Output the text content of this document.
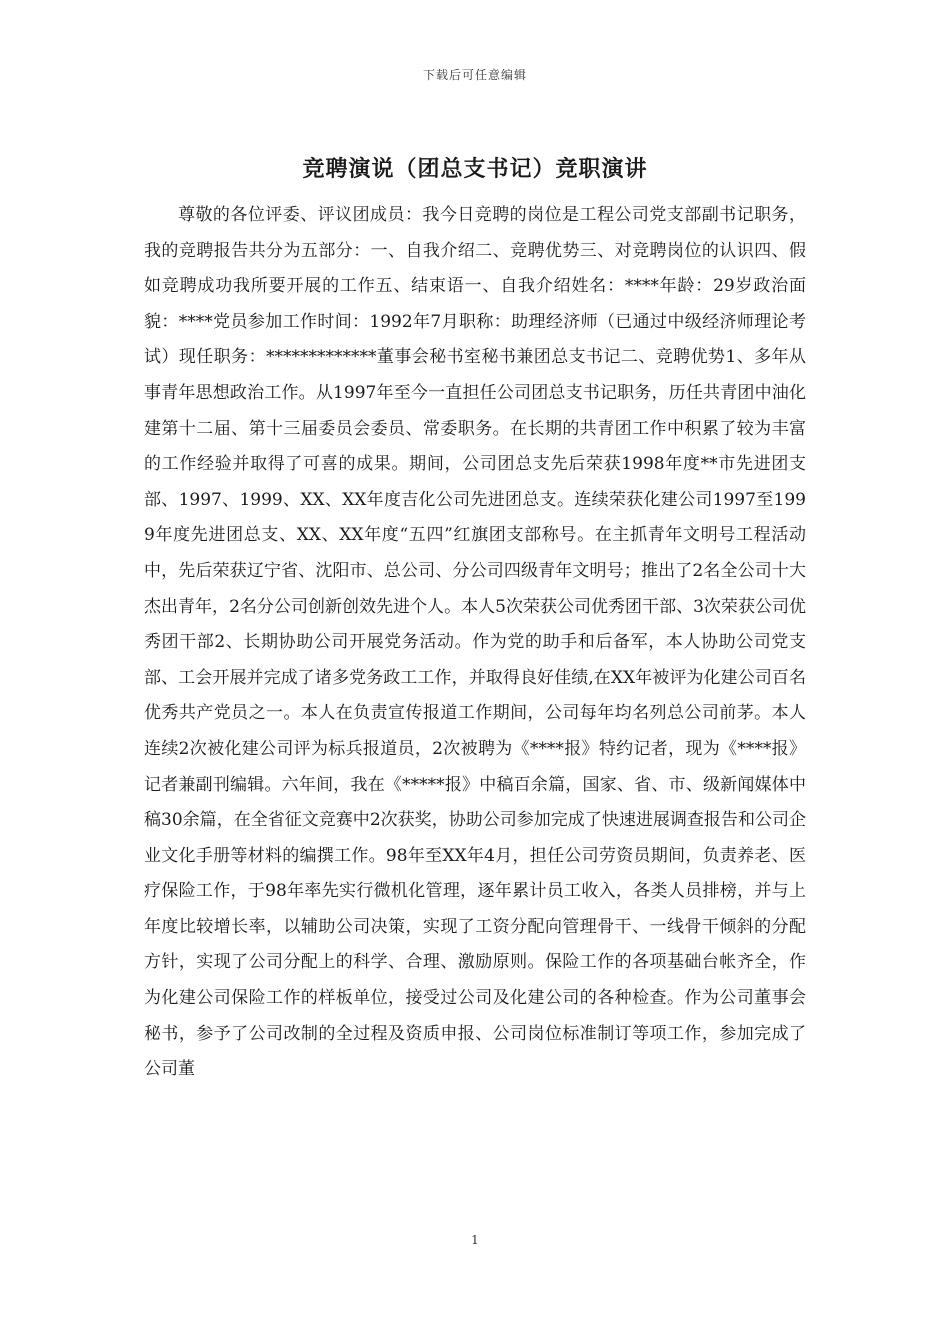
下载后可任意编辑
竞聘演说（团总支书记）竞职演讲

尊敬的各位评委、评议团成员：我今日竞聘的岗位是工程公司党支部副书记职务，我的竞聘报告共分为五部分：一、自我介绍二、竞聘优势三、对竞聘岗位的认识四、假如竞聘成功我所要开展的工作五、结束语一、自我介绍姓名：****年龄：29岁政治面貌：****党员参加工作时间：1992年7月职称：助理经济师（已通过中级经济师理论考试）现任职务：*************董事会秘书室秘书兼团总支书记二、竞聘优势1、多年从事青年思想政治工作。从1997年至今一直担任公司团总支书记职务，历任共青团中油化建第十二届、第十三届委员会委员、常委职务。在长期的共青团工作中积累了较为丰富的工作经验并取得了可喜的成果。期间，公司团总支先后荣获1998年度**市先进团支部、1997、1999、XX、XX年度吉化公司先进团总支。连续荣获化建公司1997至1999年度先进团总支、XX、XX年度“五四”红旗团支部称号。在主抓青年文明号工程活动中，先后荣获辽宁省、沈阳市、总公司、分公司四级青年文明号；推出了2名全公司十大杰出青年，2名分公司创新创效先进个人。本人5次荣获公司优秀团干部、3次荣获公司优秀团干部2、长期协助公司开展党务活动。作为党的助手和后备军，本人协助公司党支部、工会开展并完成了诸多党务政工工作，并取得良好佳绩,在XX年被评为化建公司百名优秀共产党员之一。本人在负责宣传报道工作期间，公司每年均名列总公司前茅。本人连续2次被化建公司评为标兵报道员，2次被聘为《****报》特约记者，现为《****报》记者兼副刊编辑。六年间，我在《*****报》中稿百余篇，国家、省、市、级新闻媒体中稿30余篇，在全省征文竞赛中2次获奖，协助公司参加完成了快速进展调查报告和公司企业文化手册等材料的编撰工作。98年至XX年4月，担任公司劳资员期间，负责养老、医疗保险工作，于98年率先实行微机化管理，逐年累计员工收入，各类人员排榜，并与上年度比较增长率，以辅助公司决策，实现了工资分配向管理骨干、一线骨干倾斜的分配方针，实现了公司分配上的科学、合理、激励原则。保险工作的各项基础台帐齐全，作为化建公司保险工作的样板单位，接受过公司及化建公司的各种检查。作为公司董事会秘书，参予了公司改制的全过程及资质申报、公司岗位标准制订等项工作，参加完成了公司董

1
